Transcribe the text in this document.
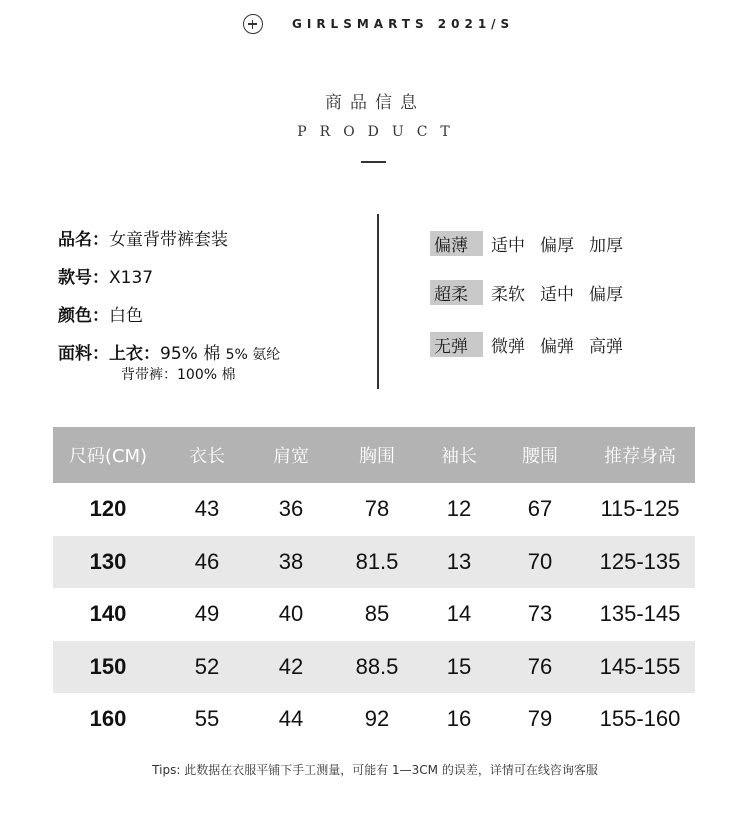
GIRLSMARTS 2021/S
商品信息
PRODUCT
品名：女童背带裤套装
款号：X137
颜色：白色
面料：上衣：95% 棉 5% 氨纶
背带裤：100% 棉
偏薄 适中 偏厚 加厚
超柔 柔软 适中 偏厚
无弹 微弹 偏弹 高弹
尺码(CM)	衣长	肩宽	胸围	袖长	腰围	推荐身高
120	43	36	78	12	67	115-125
130	46	38	81.5	13	70	125-135
140	49	40	85	14	73	135-145
150	52	42	88.5	15	76	145-155
160	55	44	92	16	79	155-160
Tips: 此数据在衣服平铺下手工测量，可能有 1—3CM 的误差，详情可在线咨询客服
